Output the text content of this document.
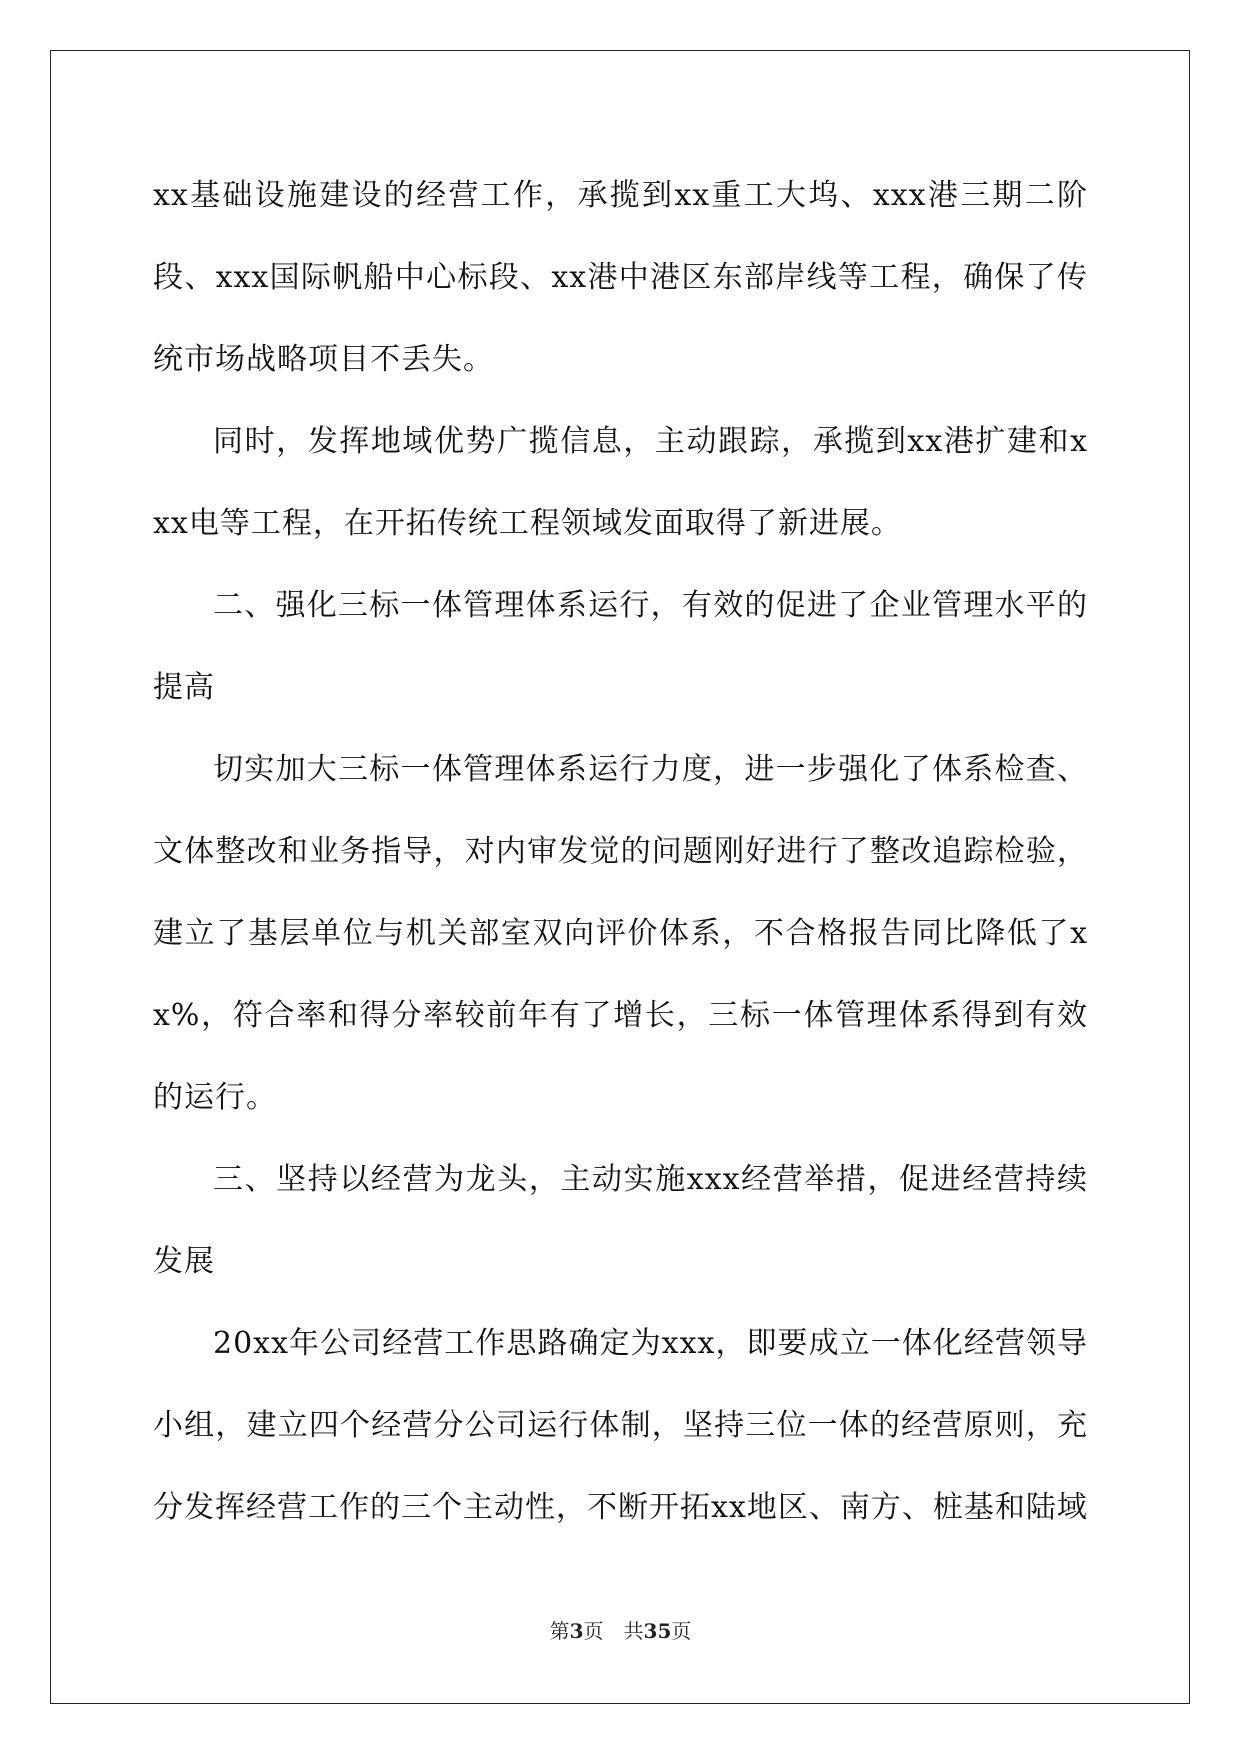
xx基础设施建设的经营工作，承揽到xx重工大坞、xxx港三期二阶段、xxx国际帆船中心标段、xx港中港区东部岸线等工程，确保了传统市场战略项目不丢失。

同时，发挥地域优势广揽信息，主动跟踪，承揽到xx港扩建和xxx电等工程，在开拓传统工程领域发面取得了新进展。

二、强化三标一体管理体系运行，有效的促进了企业管理水平的提高

切实加大三标一体管理体系运行力度，进一步强化了体系检查、文体整改和业务指导，对内审发觉的问题刚好进行了整改追踪检验，建立了基层单位与机关部室双向评价体系，不合格报告同比降低了xx%，符合率和得分率较前年有了增长，三标一体管理体系得到有效的运行。

三、坚持以经营为龙头，主动实施xxx经营举措，促进经营持续发展

20xx年公司经营工作思路确定为xxx，即要成立一体化经营领导小组，建立四个经营分公司运行体制，坚持三位一体的经营原则，充分发挥经营工作的三个主动性，不断开拓xx地区、南方、桩基和陆域

第3页　共35页
